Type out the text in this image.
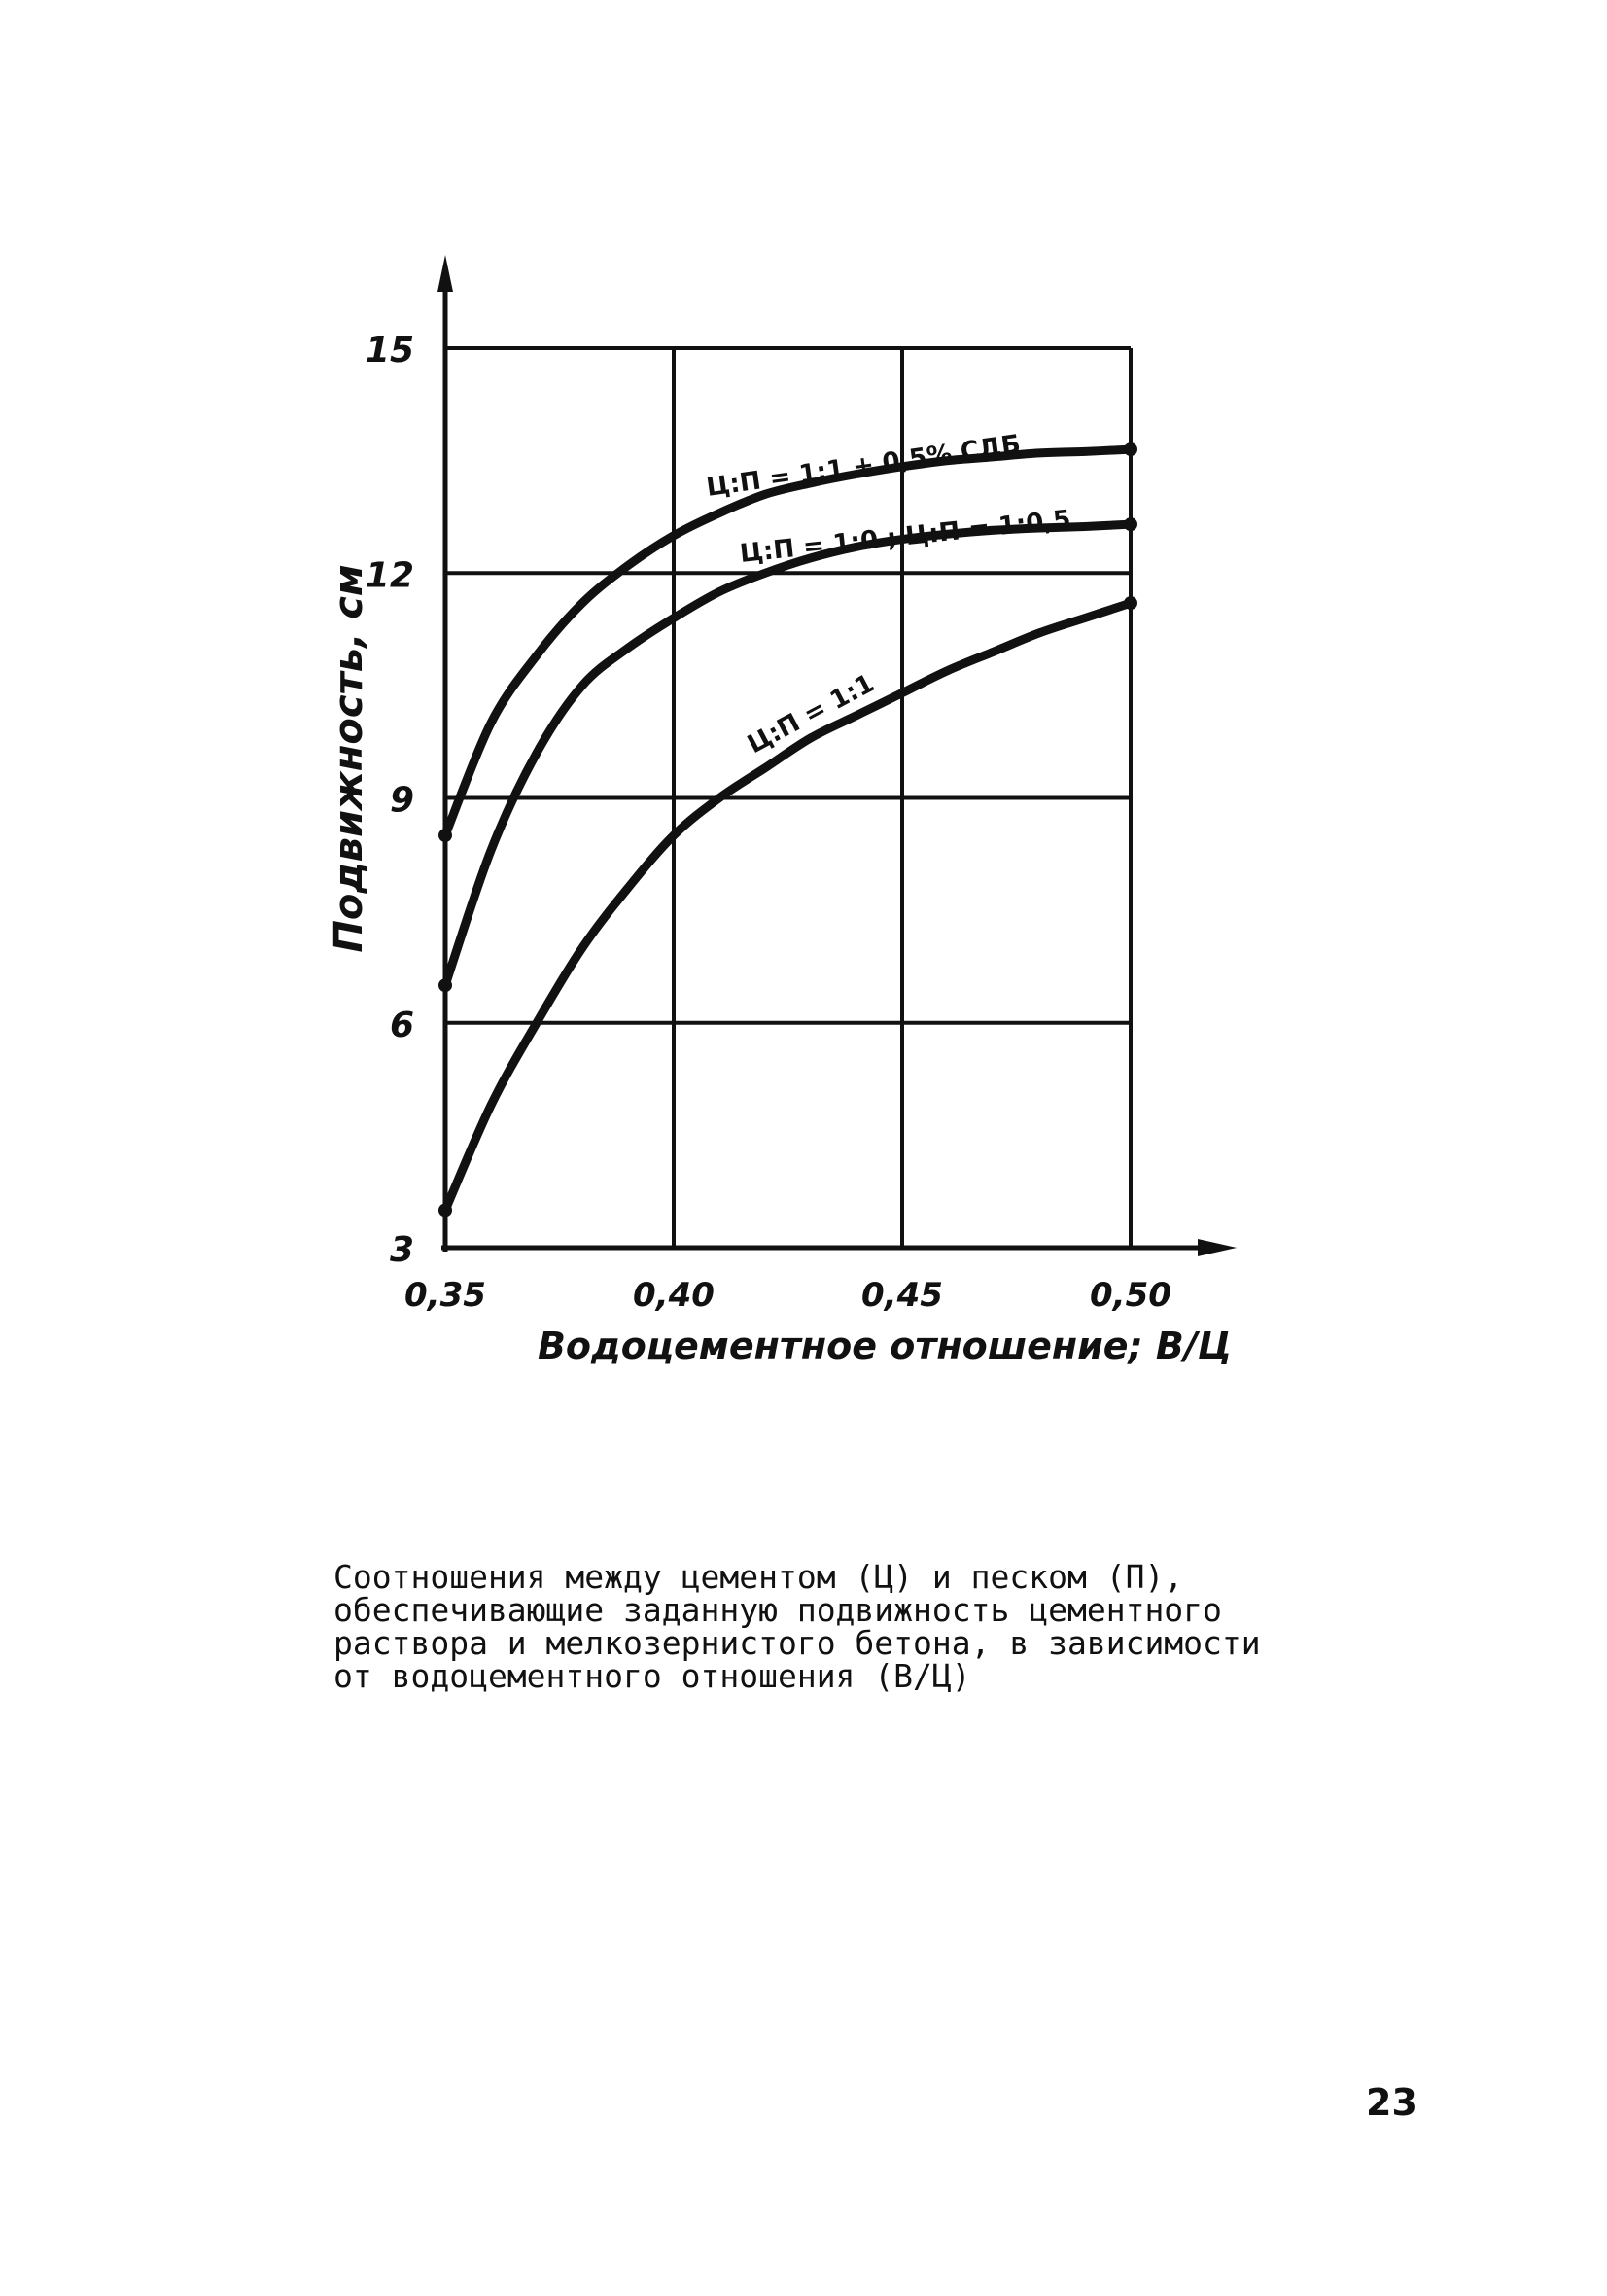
3
6
9
12
15
0,35	0,40	0,45	0,50
Водоцементное отношение; В/Ц
Подвижность, см
Ц:П = 1:1 + 0,5% СДБ
Ц:П = 1:0 ; Ц:П = 1:0,5
Ц:П = 1:1
Соотношения между цементом (Ц) и песком (П),
обеспечивающие заданную подвижность цементного
раствора и мелкозернистого бетона, в зависимости
от водоцементного отношения (В/Ц)
23
